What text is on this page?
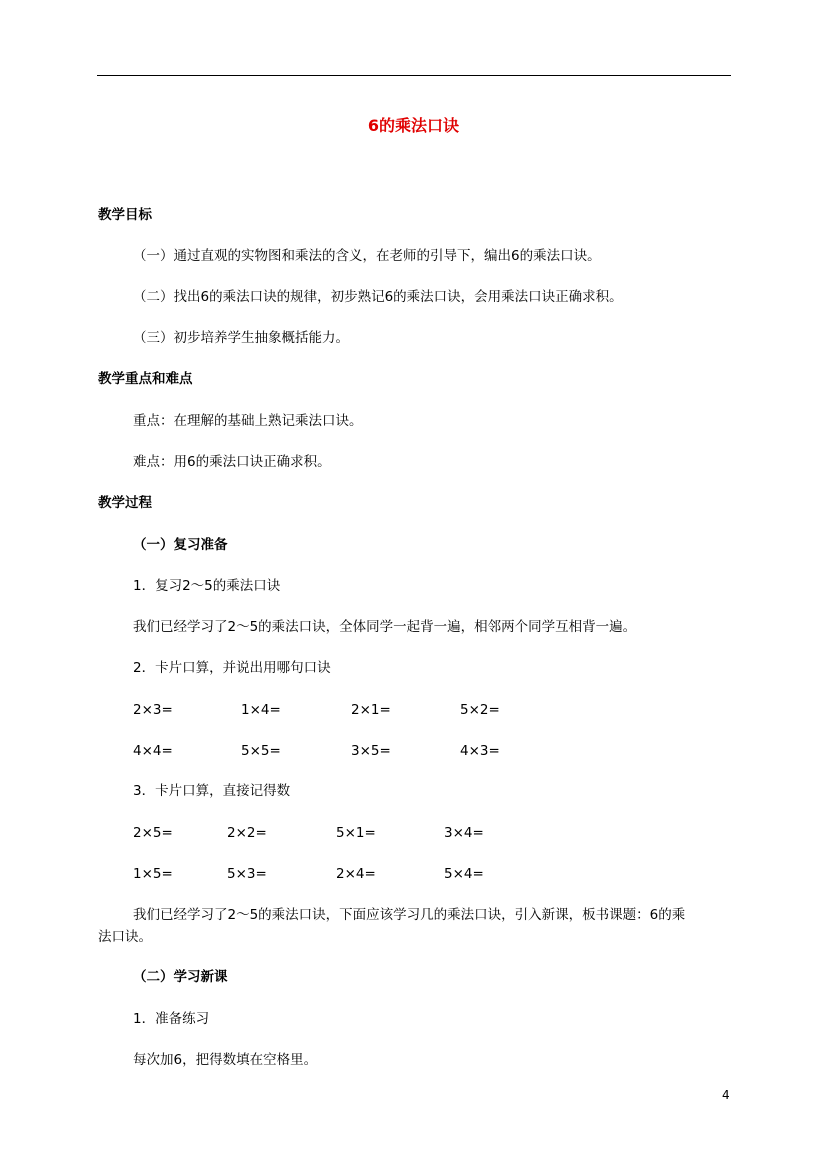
6的乘法口诀
教学目标
（一）通过直观的实物图和乘法的含义，在老师的引导下，编出6的乘法口诀。
（二）找出6的乘法口诀的规律，初步熟记6的乘法口诀，会用乘法口诀正确求积。
（三）初步培养学生抽象概括能力。
教学重点和难点
重点：在理解的基础上熟记乘法口诀。
难点：用6的乘法口诀正确求积。
教学过程
（一）复习准备
1．复习2～5的乘法口诀
我们已经学习了2～5的乘法口诀，全体同学一起背一遍，相邻两个同学互相背一遍。
2．卡片口算，并说出用哪句口诀
2×3=	1×4=	2×1=	5×2=
4×4=	5×5=	3×5=	4×3=
3．卡片口算，直接记得数
2×5=	2×2=	5×1=	3×4=
1×5=	5×3=	2×4=	5×4=
我们已经学习了2～5的乘法口诀，下面应该学习几的乘法口诀，引入新课，板书课题：6的乘
法口诀。
（二）学习新课
1．准备练习
每次加6，把得数填在空格里。
4
